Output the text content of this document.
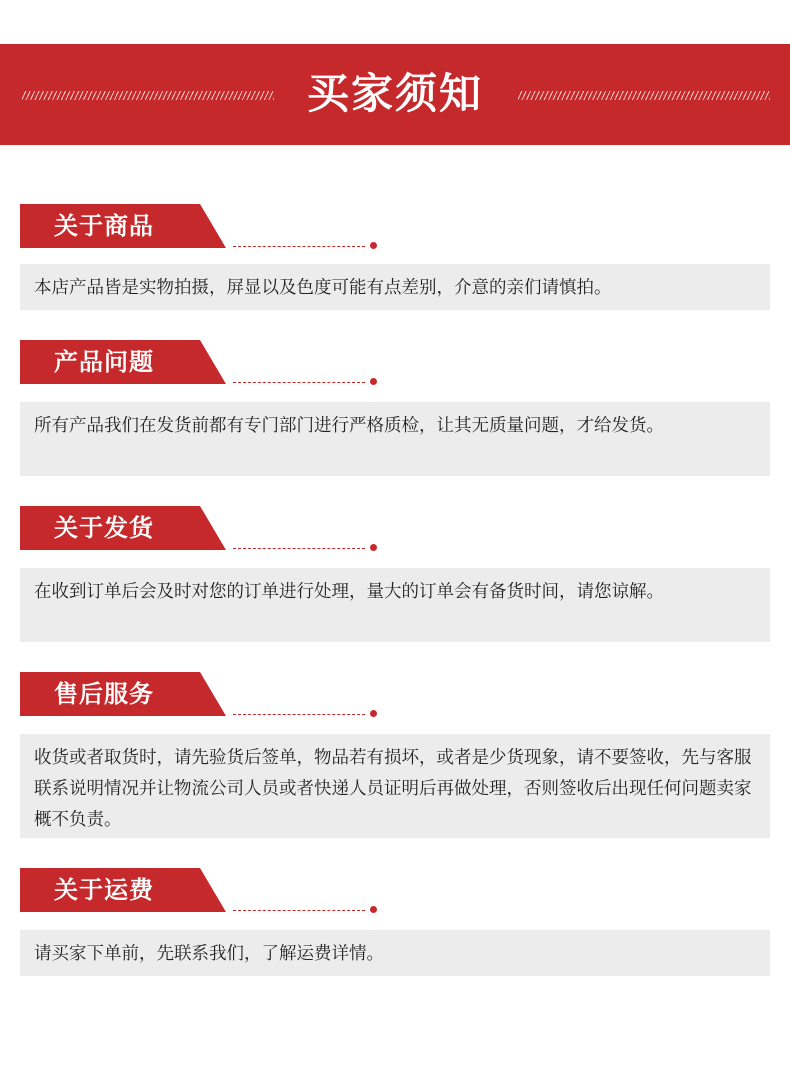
买家须知
关于商品
本店产品皆是实物拍摄，屏显以及色度可能有点差别，介意的亲们请慎拍。
产品问题
所有产品我们在发货前都有专门部门进行严格质检，让其无质量问题，才给发货。
关于发货
在收到订单后会及时对您的订单进行处理，量大的订单会有备货时间，请您谅解。
售后服务
收货或者取货时，请先验货后签单，物品若有损坏，或者是少货现象，请不要签收，先与客服联系说明情况并让物流公司人员或者快递人员证明后再做处理，否则签收后出现任何问题卖家概不负责。
关于运费
请买家下单前，先联系我们，了解运费详情。
